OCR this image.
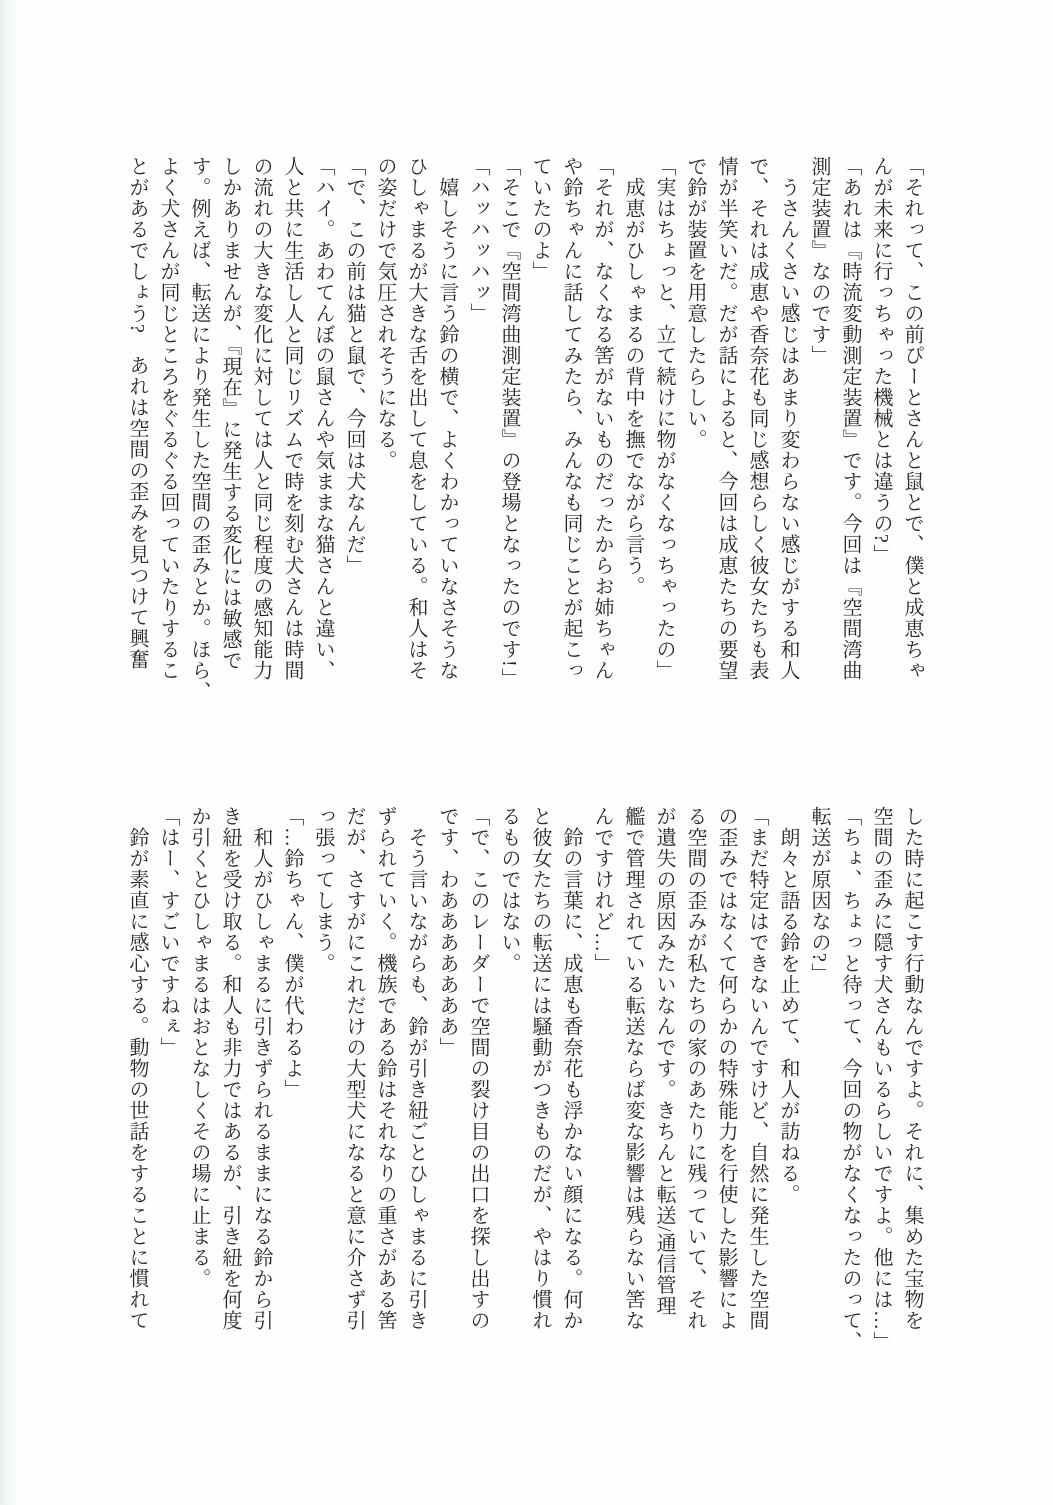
「それって、この前ぴーとさんと鼠とで、僕と成恵ちゃ

んが未来に行っちゃった機械とは違うの?」

「あれは『時流変動測定装置』です。今回は『空間湾曲

測定装置』なのです」

　うさんくさい感じはあまり変わらない感じがする和人

で、それは成恵や香奈花も同じ感想らしく彼女たちも表

情が半笑いだ。だが話によると、今回は成恵たちの要望

で鈴が装置を用意したらしい。

「実はちょっと、立て続けに物がなくなっちゃったの」

　成恵がひしゃまるの背中を撫でながら言う。

「それが、なくなる筈がないものだったからお姉ちゃん

や鈴ちゃんに話してみたら、みんなも同じことが起こっ

ていたのよ」

「そこで『空間湾曲測定装置』の登場となったのです!」

「ハッハッハッ」

　嬉しそうに言う鈴の横で、よくわかっていなさそうな

ひしゃまるが大きな舌を出して息をしている。和人はそ

の姿だけで気圧されそうになる。

「で、この前は猫と鼠で、今回は犬なんだ」

「ハイ。あわてんぼの鼠さんや気ままな猫さんと違い、

人と共に生活し人と同じリズムで時を刻む犬さんは時間

の流れの大きな変化に対しては人と同じ程度の感知能力

しかありませんが、『現在』に発生する変化には敏感で

す。例えば、転送により発生した空間の歪みとか。ほら、

よく犬さんが同じところをぐるぐる回っていたりするこ

とがあるでしょう?　あれは空間の歪みを見つけて興奮

した時に起こす行動なんですよ。それに、集めた宝物を

空間の歪みに隠す犬さんもいるらしいですよ。他には…」

「ちょ、ちょっと待って、今回の物がなくなったのって、

転送が原因なの?」

　朗々と語る鈴を止めて、和人が訪ねる。

「まだ特定はできないんですけど、自然に発生した空間

の歪みではなくて何らかの特殊能力を行使した影響によ

る空間の歪みが私たちの家のあたりに残っていて、それ

が遺失の原因みたいなんです。きちんと転送/通信管理

艦で管理されている転送ならば変な影響は残らない筈な

んですけれど…」

　鈴の言葉に、成恵も香奈花も浮かない顔になる。何か

と彼女たちの転送には騒動がつきものだが、やはり慣れ

るものではない。

「で、このレーダーで空間の裂け目の出口を探し出すの

です、わあああああああ」

　そう言いながらも、鈴が引き紐ごとひしゃまるに引き

ずられていく。機族である鈴はそれなりの重さがある筈

だが、さすがにこれだけの大型犬になると意に介さず引

っ張ってしまう。

「…鈴ちゃん、僕が代わるよ」

　和人がひしゃまるに引きずられるままになる鈴から引

き紐を受け取る。和人も非力ではあるが、引き紐を何度

か引くとひしゃまるはおとなしくその場に止まる。

「はー、すごいですねぇ」

　鈴が素直に感心する。動物の世話をすることに慣れて
